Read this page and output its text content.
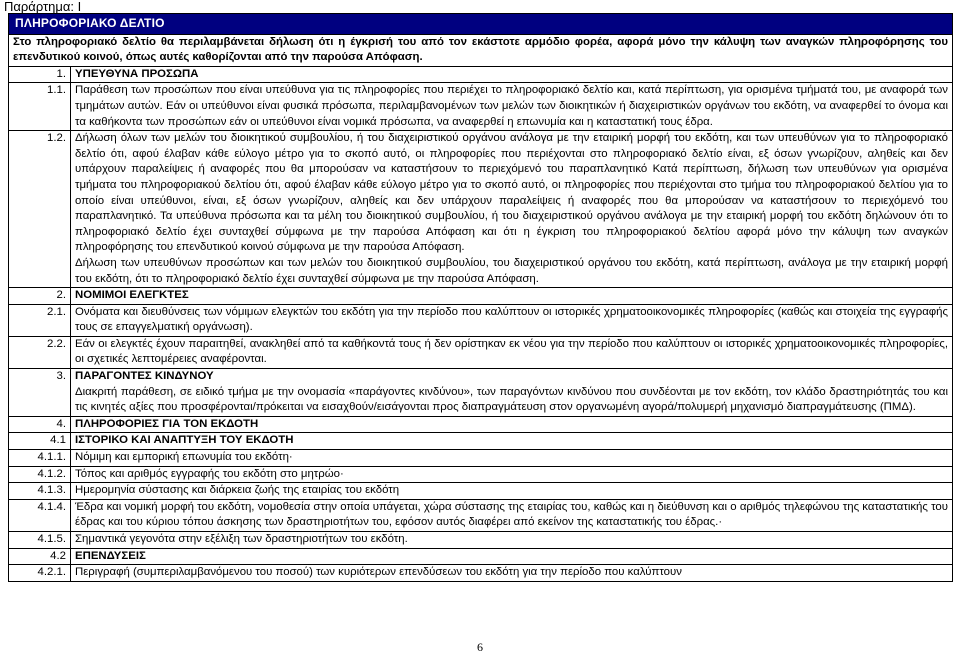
Παράρτημα: Ι
ΠΛΗΡΟΦΟΡΙΑΚΟ ΔΕΛΤΙΟ	
Στο πληροφοριακό δελτίο θα περιλαμβάνεται δήλωση ότι η έγκρισή του από τον εκάστοτε αρμόδιο φορέα, αφορά μόνο την κάλυψη των αναγκών πληροφόρησης του επενδυτικού κοινού, όπως αυτές καθορίζονται από την παρούσα Απόφαση.	
1.	ΥΠΕΥΘΥΝΑ ΠΡΟΣΩΠΑ
1.1.	Παράθεση των προσώπων που είναι υπεύθυνα για τις πληροφορίες που περιέχει το πληροφοριακό δελτίο και, κατά περίπτωση, για ορισμένα τμήματά του, με αναφορά των τμημάτων αυτών. Εάν οι υπεύθυνοι είναι φυσικά πρόσωπα, περιλαμβανομένων των μελών των διοικητικών ή διαχειριστικών οργάνων του εκδότη, να αναφερθεί το όνομα και τα καθήκοντα των προσώπων εάν οι υπεύθυνοι είναι νομικά πρόσωπα, να αναφερθεί η επωνυμία και η καταστατική τους έδρα.
1.2.	Δήλωση όλων των μελών του διοικητικού συμβουλίου, ή του διαχειριστικού οργάνου ανάλογα με την εταιρική μορφή του εκδότη, και των υπευθύνων για το πληροφοριακό δελτίο ότι, αφού έλαβαν κάθε εύλογο μέτρο για το σκοπό αυτό, οι πληροφορίες που περιέχονται στο πληροφοριακό δελτίο είναι, εξ όσων γνωρίζουν, αληθείς και δεν υπάρχουν παραλείψεις ή αναφορές που θα μπορούσαν να καταστήσουν το περιεχόμενό του παραπλανητικό Κατά περίπτωση, δήλωση των υπευθύνων για ορισμένα τμήματα του πληροφοριακού δελτίου ότι, αφού έλαβαν κάθε εύλογο μέτρο για το σκοπό αυτό, οι πληροφορίες που περιέχονται στο τμήμα του πληροφοριακού δελτίου για το οποίο είναι υπεύθυνοι, είναι, εξ όσων γνωρίζουν, αληθείς και δεν υπάρχουν παραλείψεις ή αναφορές που θα μπορούσαν να καταστήσουν το περιεχόμενό του παραπλανητικό. Τα υπεύθυνα πρόσωπα και τα μέλη του διοικητικού συμβουλίου, ή του διαχειριστικού οργάνου ανάλογα με την εταιρική μορφή του εκδότη δηλώνουν ότι το πληροφοριακό δελτίο έχει συνταχθεί σύμφωνα με την παρούσα Απόφαση και ότι η έγκριση του πληροφοριακού δελτίου αφορά μόνο την κάλυψη των αναγκών πληροφόρησης του επενδυτικού κοινού σύμφωνα με την παρούσα Απόφαση.
Δήλωση των υπευθύνων προσώπων και των μελών του διοικητικού συμβουλίου, του διαχειριστικού οργάνου του εκδότη, κατά περίπτωση, ανάλογα με την εταιρική μορφή του εκδότη, ότι το πληροφοριακό δελτίο έχει συνταχθεί σύμφωνα με την παρούσα Απόφαση.

2.	ΝΟΜΙΜΟΙ ΕΛΕΓΚΤΕΣ
2.1.	Ονόματα και διευθύνσεις των νόμιμων ελεγκτών του εκδότη για την περίοδο που καλύπτουν οι ιστορικές χρηματοοικονομικές πληροφορίες (καθώς και στοιχεία της εγγραφής τους σε επαγγελματική οργάνωση).
2.2.	Εάν οι ελεγκτές έχουν παραιτηθεί, ανακληθεί από τα καθήκοντά τους ή δεν ορίστηκαν εκ νέου για την περίοδο που καλύπτουν οι ιστορικές χρηματοοικονομικές πληροφορίες, οι σχετικές λεπτομέρειες αναφέρονται.
3.	ΠΑΡΑΓΟΝΤΕΣ ΚΙΝΔΥΝΟΥ
Διακριτή παράθεση, σε ειδικό τμήμα με την ονομασία «παράγοντες κινδύνου», των παραγόντων κινδύνου που συνδέονται με τον εκδότη, τον κλάδο δραστηριότητάς του και τις κινητές αξίες που προσφέρονται/πρόκειται να εισαχθούν/εισάγονται προς διαπραγμάτευση στον οργανωμένη αγορά/πολυμερή μηχανισμό διαπραγμάτευσης (ΠΜΔ).

4.	ΠΛΗΡΟΦΟΡΙΕΣ ΓΙΑ ΤΟΝ ΕΚΔΟΤΗ
4.1	ΙΣΤΟΡΙΚΟ ΚΑΙ ΑΝΑΠΤΥΞΗ ΤΟΥ ΕΚΔΟΤΗ
4.1.1.	Νόμιμη και εμπορική επωνυμία του εκδότη·
4.1.2.	Τόπος και αριθμός εγγραφής του εκδότη στο μητρώο·
4.1.3.	Ημερομηνία σύστασης και διάρκεια ζωής της εταιρίας του εκδότη
4.1.4.	Έδρα και νομική μορφή του εκδότη, νομοθεσία στην οποία υπάγεται, χώρα σύστασης της εταιρίας του, καθώς και η διεύθυνση και ο αριθμός τηλεφώνου της καταστατικής του έδρας και του κύριου τόπου άσκησης των δραστηριοτήτων του, εφόσον αυτός διαφέρει από εκείνον της καταστατικής του έδρας.·
4.1.5.	Σημαντικά γεγονότα στην εξέλιξη των δραστηριοτήτων του εκδότη.
4.2	ΕΠΕΝΔΥΣΕΙΣ
4.2.1.	Περιγραφή (συμπεριλαμβανόμενου του ποσού) των κυριότερων επενδύσεων του εκδότη για την περίοδο που καλύπτουν
6
